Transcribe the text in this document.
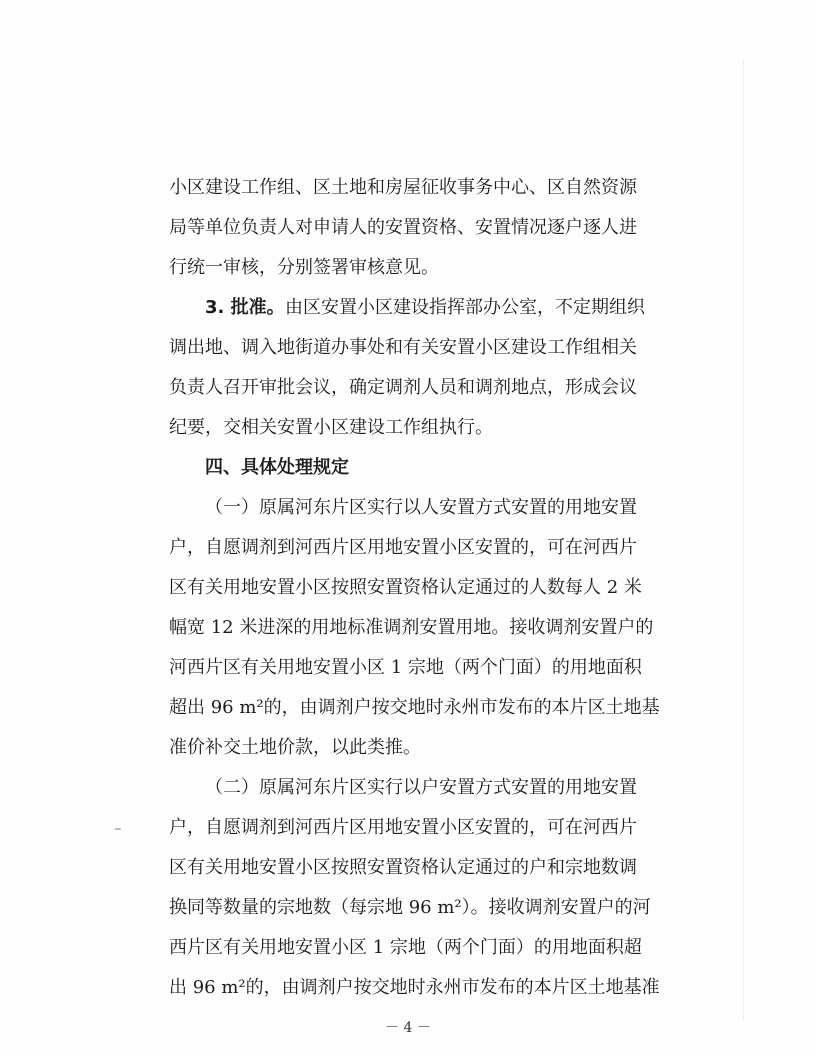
小区建设工作组、区土地和房屋征收事务中心、区自然资源
局等单位负责人对申请人的安置资格、安置情况逐户逐人进
行统一审核，分别签署审核意见。

3. 批准。

由区安置小区建设指挥部办公室，不定期组织

调出地、调入地街道办事处和有关安置小区建设工作组相关
负责人召开审批会议，确定调剂人员和调剂地点，形成会议
纪要，交相关安置小区建设工作组执行。
四、具体处理规定
（一）原属河东片区实行以人安置方式安置的用地安置
户，自愿调剂到河西片区用地安置小区安置的，可在河西片
区有关用地安置小区按照安置资格认定通过的人数每人 2 米
幅宽 12 米进深的用地标准调剂安置用地。接收调剂安置户的
河西片区有关用地安置小区 1 宗地（两个门面）的用地面积
超出 96 m²的，由调剂户按交地时永州市发布的本片区土地基
准价补交土地价款，以此类推。
（二）原属河东片区实行以户安置方式安置的用地安置
户，自愿调剂到河西片区用地安置小区安置的，可在河西片
区有关用地安置小区按照安置资格认定通过的户和宗地数调
换同等数量的宗地数（每宗地 96 m²）。接收调剂安置户的河
西片区有关用地安置小区 1 宗地（两个门面）的用地面积超
出 96 m²的，由调剂户按交地时永州市发布的本片区土地基准
－ 4 －
